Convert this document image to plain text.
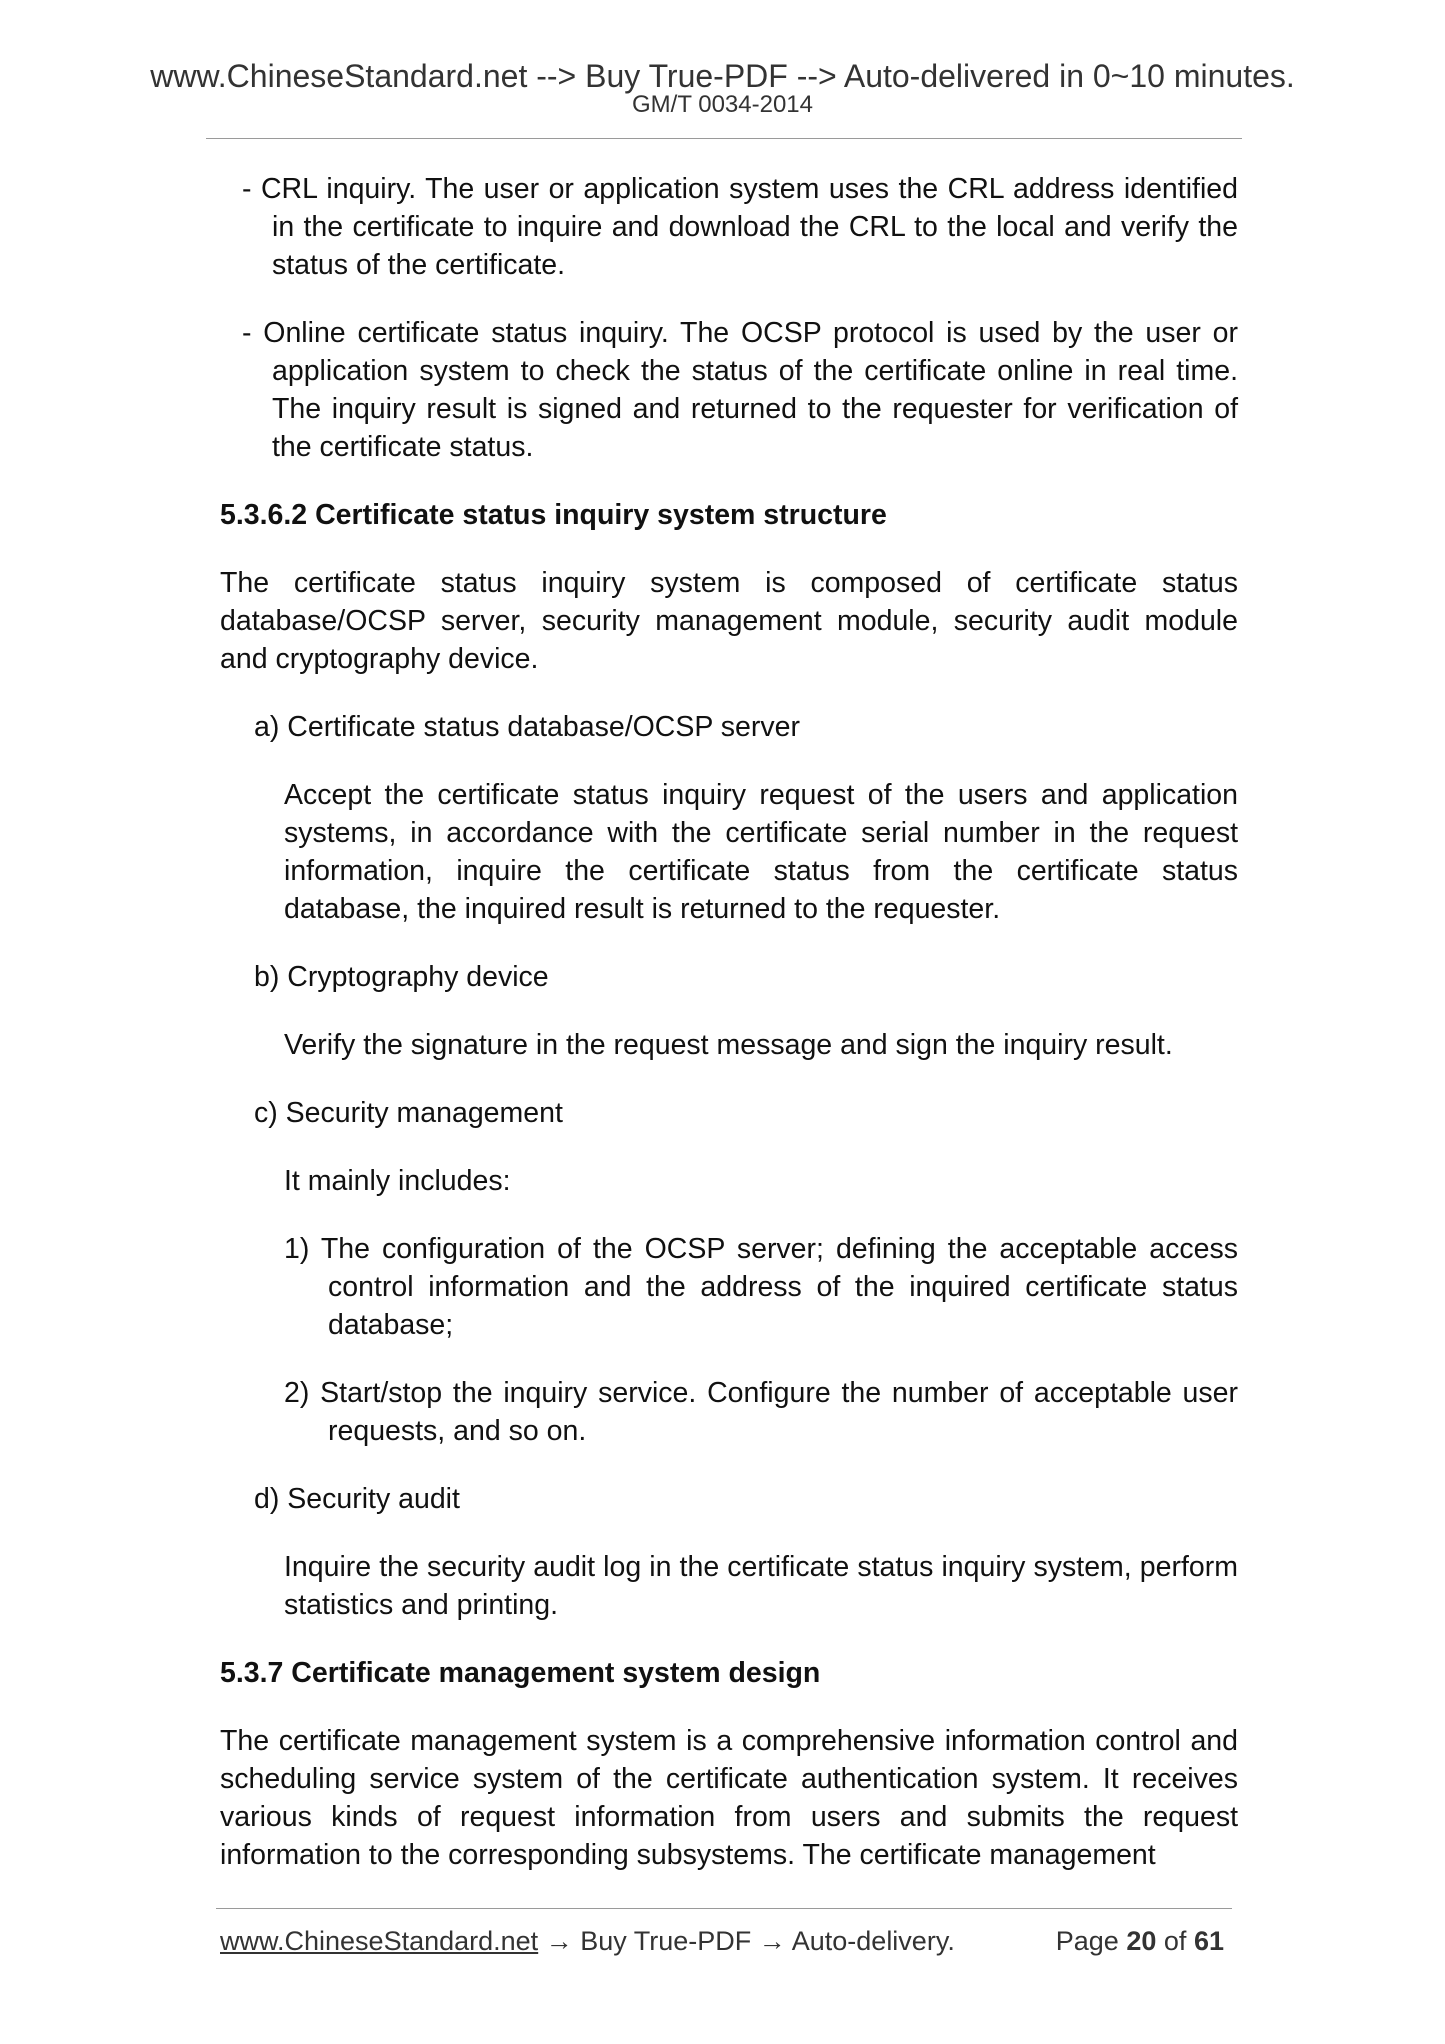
www.ChineseStandard.net --> Buy True-PDF --> Auto-delivered in 0~10 minutes.
GM/T 0034-2014

- CRL inquiry. The user or application system uses the CRL address identified in the certificate to inquire and download the CRL to the local and verify the status of the certificate.

- Online certificate status inquiry. The OCSP protocol is used by the user or application system to check the status of the certificate online in real time. The inquiry result is signed and returned to the requester for verification of the certificate status.

5.3.6.2 Certificate status inquiry system structure

The certificate status inquiry system is composed of certificate status database/OCSP server, security management module, security audit module and cryptography device.

a) Certificate status database/OCSP server

Accept the certificate status inquiry request of the users and application systems, in accordance with the certificate serial number in the request information, inquire the certificate status from the certificate status database, the inquired result is returned to the requester.

b) Cryptography device

Verify the signature in the request message and sign the inquiry result.

c) Security management

It mainly includes:

1) The configuration of the OCSP server; defining the acceptable access control information and the address of the inquired certificate status database;

2) Start/stop the inquiry service. Configure the number of acceptable user requests, and so on.

d) Security audit

Inquire the security audit log in the certificate status inquiry system, perform statistics and printing.

5.3.7 Certificate management system design

The certificate management system is a comprehensive information control and scheduling service system of the certificate authentication system. It receives various kinds of request information from users and submits the request information to the corresponding subsystems. The certificate management

www.ChineseStandard.net → Buy True-PDF → Auto-delivery.	Page 20 of 61
